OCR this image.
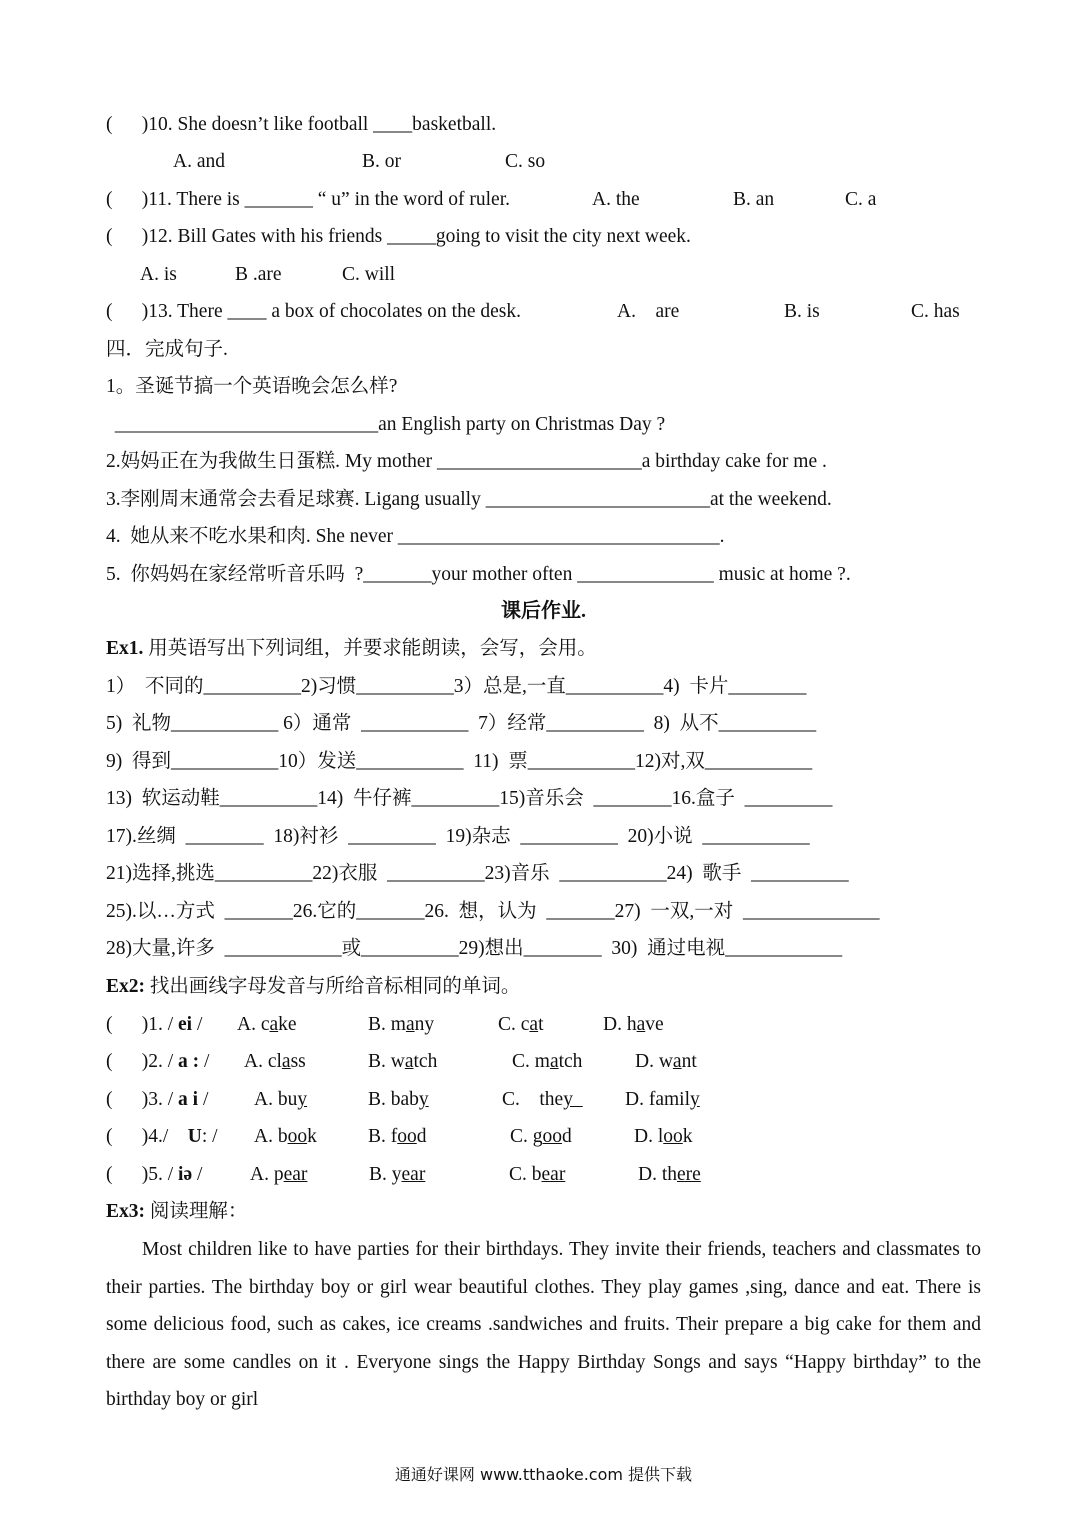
(      )10. She doesn’t like football ____basketball.
A. and	B. or	C. so
(      )11. There is _______ “ u” in the word of ruler.	A. the	B. an	C. a
(      )12. Bill Gates with his friends _____going to visit the city next week.
A. is	B .are	C. will
(      )13. There ____ a box of chocolates on the desk.	A.    are	B. is	C. has
四．完成句子.
1。圣诞节搞一个英语晚会怎么样?
___________________________an English party on Christmas Day ?
2.妈妈正在为我做生日蛋糕. My mother _____________________a birthday cake for me .
3.李刚周末通常会去看足球赛. Ligang usually _______________________at the weekend.
4.  她从来不吃水果和肉. She never _________________________________.
5.  你妈妈在家经常听音乐吗  ?_______your mother often ______________ music at home ?.
课后作业.
Ex1. 用英语写出下列词组，并要求能朗读，会写，会用。
1）  不同的__________2)习惯__________3）总是,一直__________4)  卡片________
5)  礼物___________ 6）通常  ___________  7）经常__________  8)  从不__________
9)  得到___________10）发送___________  11)  票___________12)对,双___________
13)  软运动鞋__________14)  牛仔裤_________15)音乐会  ________16.盒子  _________
17).丝绸  ________  18)衬衫  _________  19)杂志  __________  20)小说  ___________
21)选择,挑选__________22)衣服  __________23)音乐  ___________24)  歌手  __________
25).以…方式  _______26.它的_______26.  想，认为  _______27)  一双,一对  ______________
28)大量,许多  ____________或__________29)想出________  30)  通过电视____________
Ex2: 找出画线字母发音与所给音标相同的单词。
(      )1. / ei / A. cake	B. many	C. cat	D. have
(      )2. / a : / A. class	B. watch	C. match	D. want
(      )3. / a i / A. buy	B. baby	C.    they D. family
(      )4./    U: / A. book	B. food	C. good	D. look
(      )5. / iə / A. pear	B. year	C. bear	D. there
Ex3: 阅读理解：
Most children like to have parties for their birthdays. They invite their friends, teachers and classmates to their parties. The birthday boy or girl wear beautiful clothes. They play games ,sing, dance and eat. There is some delicious food, such as cakes, ice creams .sandwiches and fruits. Their prepare a big cake for them and there are some candles on it . Everyone sings the Happy Birthday Songs and says “Happy birthday” to the birthday boy or girl
通通好课网 www.tthaoke.com 提供下载
